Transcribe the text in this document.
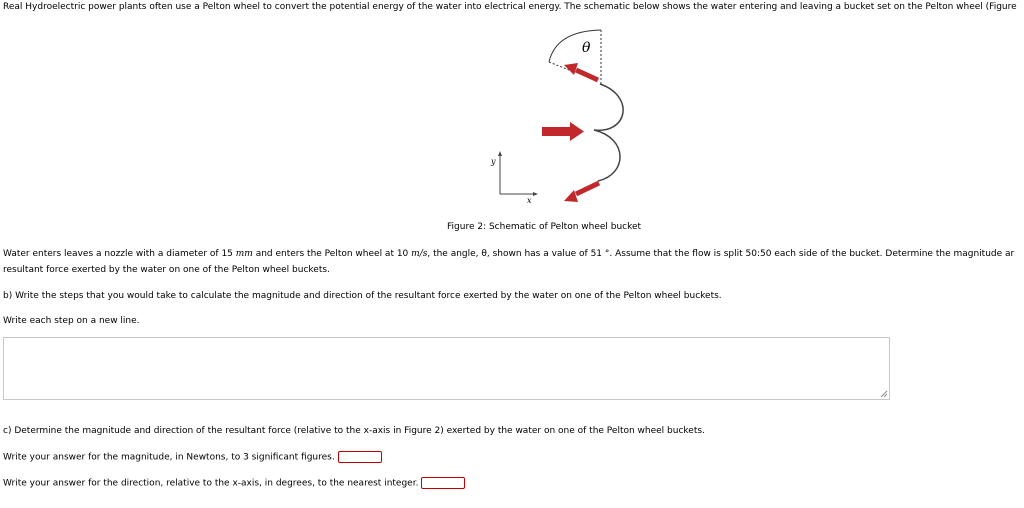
Real Hydroelectric power plants often use a Pelton wheel to convert the potential energy of the water into electrical energy. The schematic below shows the water entering and leaving a bucket set on the Pelton wheel (Figure
θ
y
x
Figure 2: Schematic of Pelton wheel bucket
Water enters leaves a nozzle with a diameter of 15 mm and enters the Pelton wheel at 10 m/s, the angle, θ, shown has a value of 51 °. Assume that the flow is split 50:50 each side of the bucket. Determine the magnitude ar
resultant force exerted by the water on one of the Pelton wheel buckets.
b) Write the steps that you would take to calculate the magnitude and direction of the resultant force exerted by the water on one of the Pelton wheel buckets.
Write each step on a new line.
c) Determine the magnitude and direction of the resultant force (relative to the x-axis in Figure 2) exerted by the water on one of the Pelton wheel buckets.
Write your answer for the magnitude, in Newtons, to 3 significant figures.
Write your answer for the direction, relative to the x-axis, in degrees, to the nearest integer.
